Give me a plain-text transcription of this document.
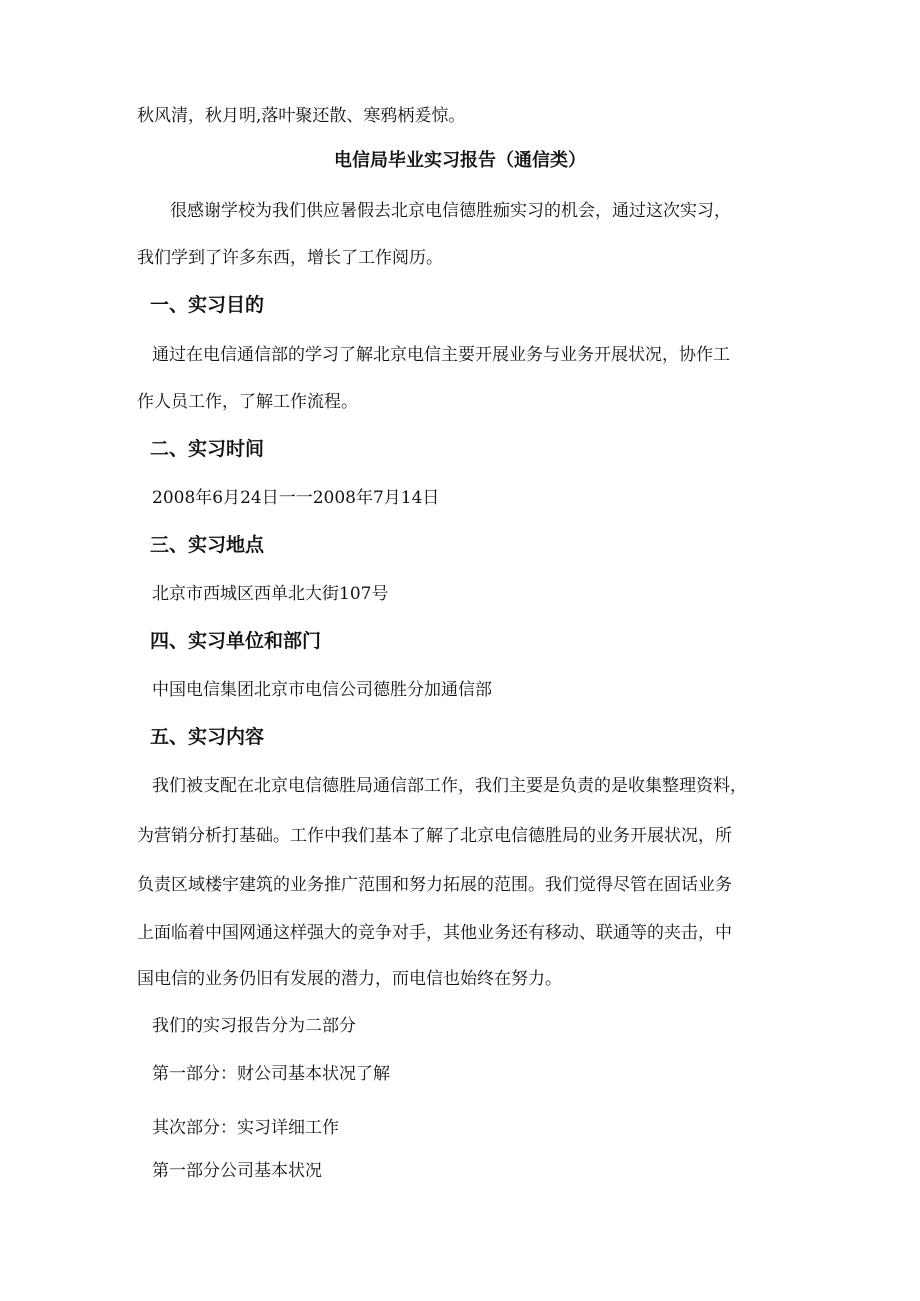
秋风清，秋月明,落叶聚还散、寒鸦柄爰惊。
电信局毕业实习报告（通信类）
很感谢学校为我们供应暑假去北京电信德胜痂实习的机会，通过这次实习，
我们学到了许多东西，增长了工作阅历。
一、实习目的
通过在电信通信部的学习了解北京电信主要开展业务与业务开展状况，协作工
作人员工作，了解工作流程。
二、实习时间
2008年6月24日一一2008年7月14日
三、实习地点
北京市西城区西单北大街107号
四、实习单位和部门
中国电信集团北京市电信公司德胜分加通信部
五、实习内容
我们被支配在北京电信德胜局通信部工作，我们主要是负责的是收集整理资料，
为营销分析打基础。工作中我们基本了解了北京电信德胜局的业务开展状况，所
负责区域楼宇建筑的业务推广范围和努力拓展的范围。我们觉得尽管在固话业务
上面临着中国网通这样强大的竞争对手，其他业务还有移动、联通等的夹击，中
国电信的业务仍旧有发展的潜力，而电信也始终在努力。
我们的实习报告分为二部分
第一部分：财公司基本状况了解
其次部分：实习详细工作
第一部分公司基本状况
